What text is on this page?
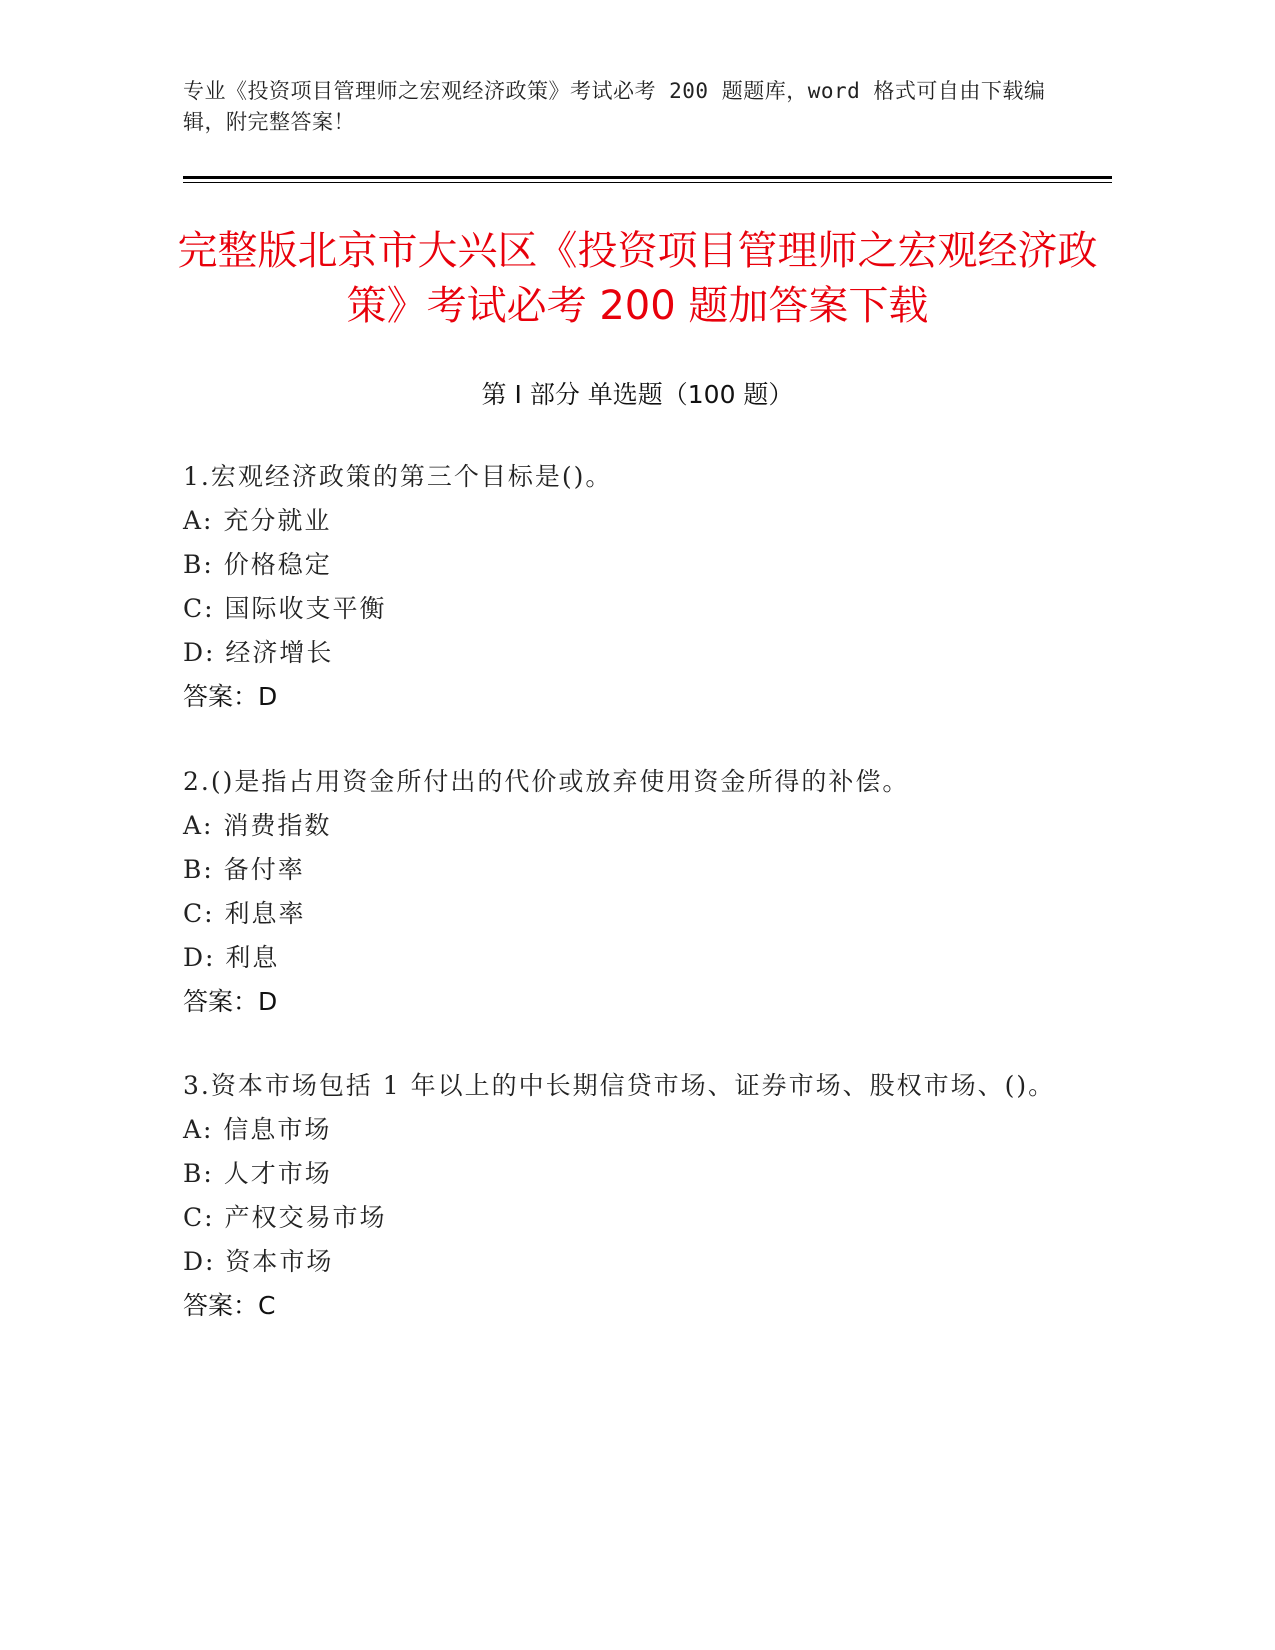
专业《投资项目管理师之宏观经济政策》考试必考 200 题题库，word 格式可自由下载编辑，附完整答案！
完整版北京市大兴区《投资项目管理师之宏观经济政策》考试必考 200 题加答案下载
第 I 部分 单选题（100 题）
1.宏观经济政策的第三个目标是()。
A: 充分就业
B: 价格稳定
C: 国际收支平衡
D: 经济增长
答案：D
2.()是指占用资金所付出的代价或放弃使用资金所得的补偿。
A: 消费指数
B: 备付率
C: 利息率
D: 利息
答案：D
3.资本市场包括 1 年以上的中长期信贷市场、证券市场、股权市场、()。
A: 信息市场
B: 人才市场
C: 产权交易市场
D: 资本市场
答案：C
